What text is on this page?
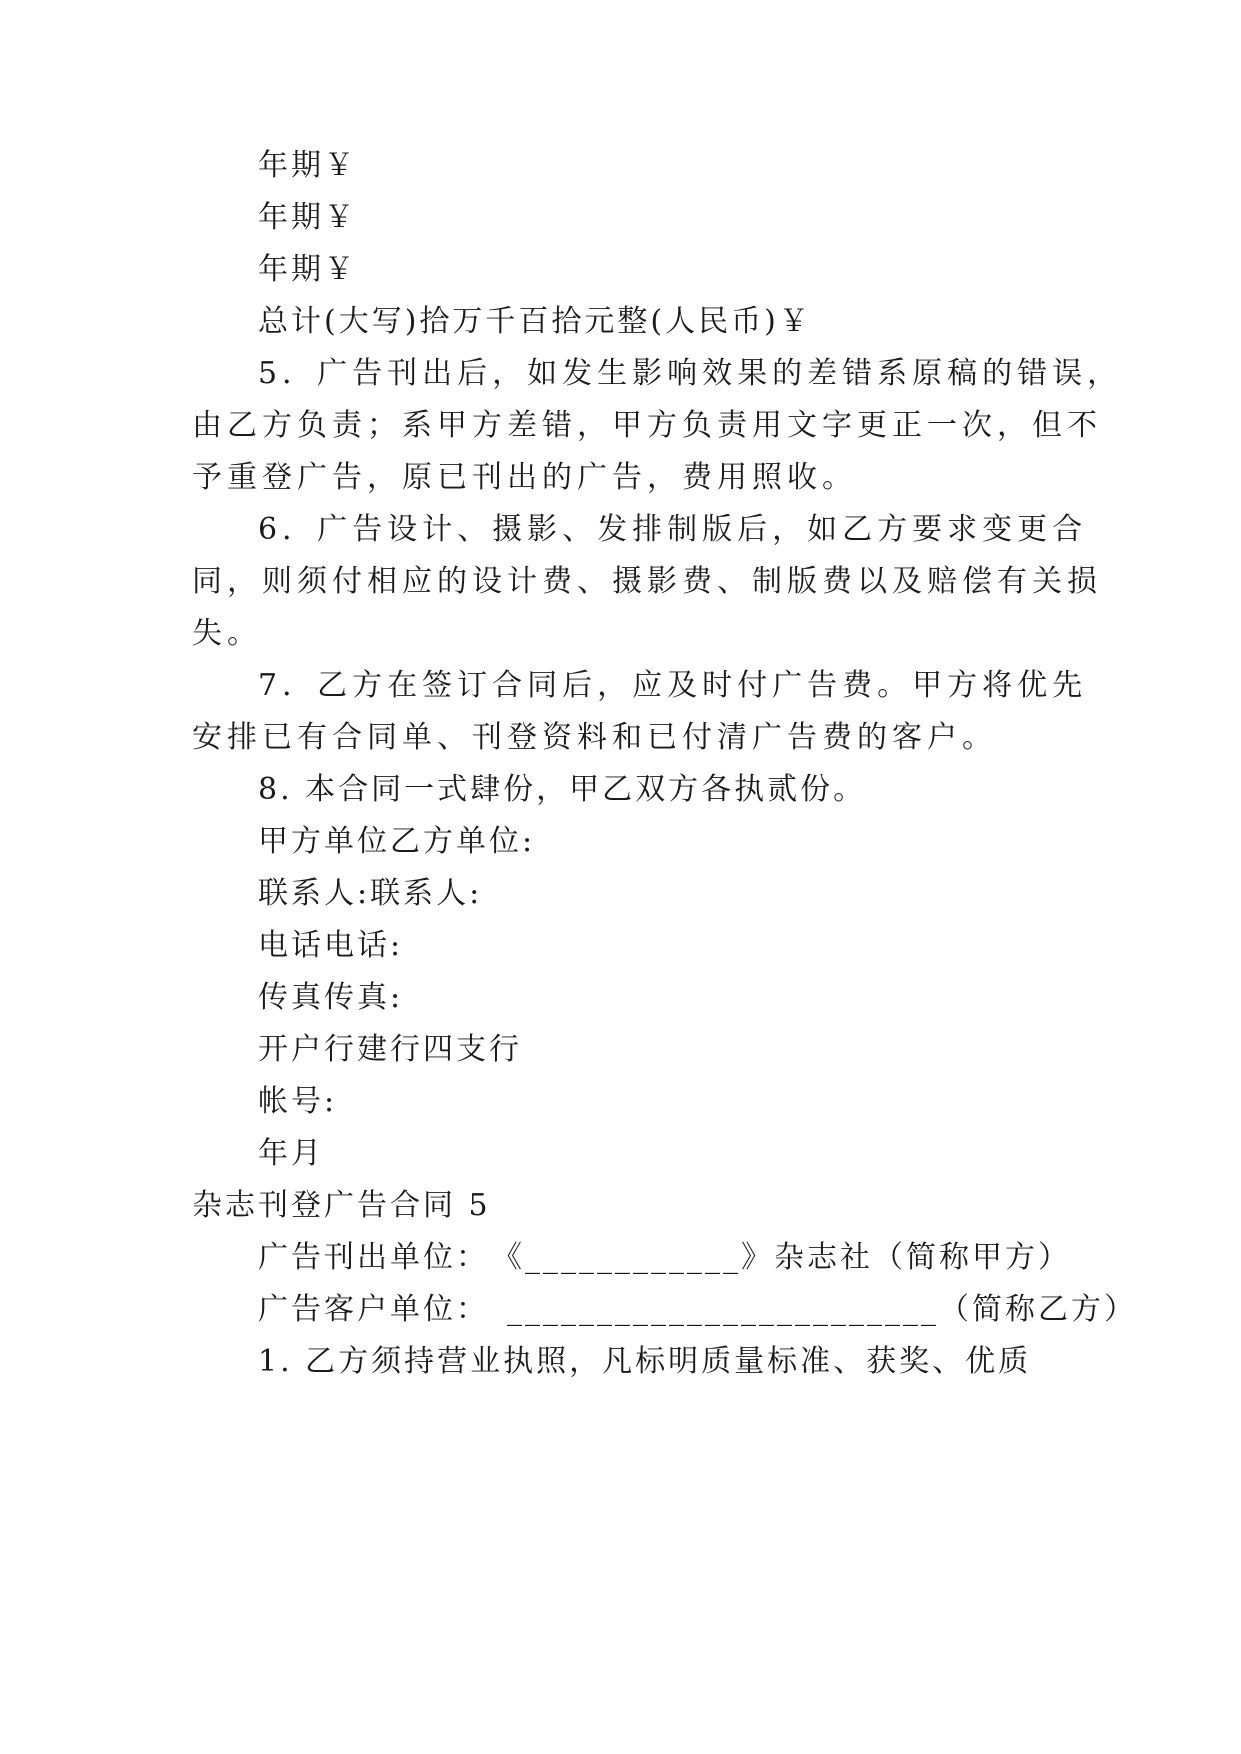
年期￥

年期￥

年期￥

总计(大写)拾万千百拾元整(人民币)￥

5．广告刊出后，如发生影响效果的差错系原稿的错误，

由乙方负责；系甲方差错，甲方负责用文字更正一次，但不

予重登广告，原已刊出的广告，费用照收。

6．广告设计、摄影、发排制版后，如乙方要求变更合

同，则须付相应的设计费、摄影费、制版费以及赔偿有关损

失。

7．乙方在签订合同后，应及时付广告费。甲方将优先

安排已有合同单、刊登资料和已付清广告费的客户。

8. 本合同一式肆份，甲乙双方各执贰份。

甲方单位乙方单位:

联系人:联系人:

电话电话:

传真传真:

开户行建行四支行

帐号:

年月

杂志刊登广告合同 5

广告刊出单位：　《____________》杂志社（简称甲方）

广告客户单位：　________________________（简称乙方）

1. 乙方须持营业执照，凡标明质量标准、获奖、优质
